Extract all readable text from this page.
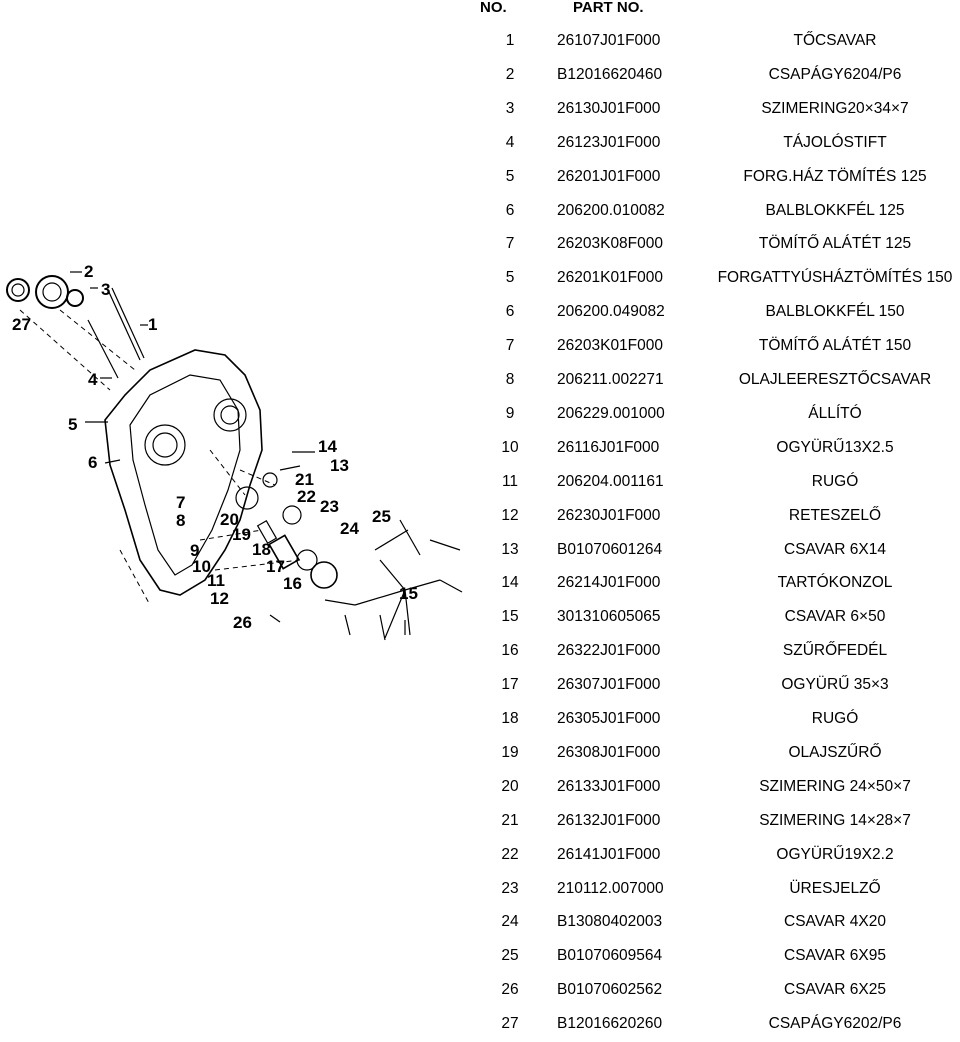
NO.	PART NO.
1	26107J01F000	TŐCSAVAR
2	B12016620460	CSAPÁGY6204/P6
3	26130J01F000	SZIMERING20×34×7
4	26123J01F000	TÁJOLÓSTIFT
5	26201J01F000	FORG.HÁZ TÖMÍTÉS 125
6	206200.010082	BALBLOKKFÉL 125
7	26203K08F000	TÖMÍTŐ ALÁTÉT 125
5	26201K01F000	FORGATTYÚSHÁZTÖMÍTÉS 150
6	206200.049082	BALBLOKKFÉL 150
7	26203K01F000	TÖMÍTŐ ALÁTÉT 150
8	206211.002271	OLAJLEERESZTŐCSAVAR
9	206229.001000	ÁLLÍTÓ
10	26116J01F000	OGYÜRŰ13X2.5
11	206204.001161	RUGÓ
12	26230J01F000	RETESZELŐ
13	B01070601264	CSAVAR 6X14
14	26214J01F000	TARTÓKONZOL
15	301310605065	CSAVAR 6×50
16	26322J01F000	SZŰRŐFEDÉL
17	26307J01F000	OGYÜRŰ 35×3
18	26305J01F000	RUGÓ
19	26308J01F000	OLAJSZŰRŐ
20	26133J01F000	SZIMERING 24×50×7
21	26132J01F000	SZIMERING 14×28×7
22	26141J01F000	OGYÜRŰ19X2.2
23	210112.007000	ÜRESJELZŐ
24	B13080402003	CSAVAR 4X20
25	B01070609564	CSAVAR 6X95
26	B01070602562	CSAVAR 6X25
27	B12016620260	CSAPÁGY6202/P6
2
3
1
27
4
5
6
14
13
21
22
23
24
7
8 20	25
19
18
9
10	17
16
11
12	15
26
